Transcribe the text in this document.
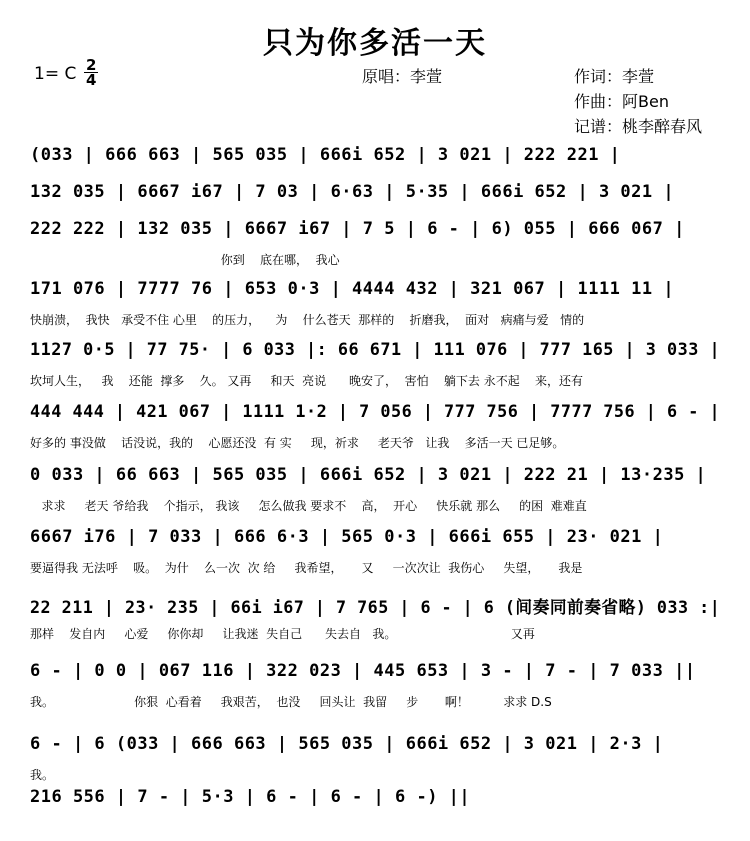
只为你多活一天
1= C 2
4	原唱：李萱	作词：李萱
作曲：阿Ben
记谱：桃李醉春风
(033 | 666 663 | 565 035 | 666i 652 | 3 021 | 222 221 |
132 035 | 6667 i67 | 7 03 | 6·63 | 5·35 | 666i 652 | 3 021 |
222 222 | 132 035 | 6667 i67 | 7 5 | 6 - | 6) 055 | 666 067 |
你到    底在哪，  我心
171 076 | 7777 76 | 653 0·3 | 4444 432 | 321 067 | 1111 11 |
快崩溃，  我快   承受不住 心里    的压力，    为    什么苍天  那样的    折磨我，  面对   病痛与爱   情的
1127 0·5 | 77 75· | 6 033 |: 66 671 | 111 076 | 777 165 | 3 033 |
坎坷人生，   我    还能  撑多    久。 又再     和天  亮说      晚安了，  害怕    躺下去 永不起    来，还有
444 444 | 421 067 | 1111 1·2 | 7 056 | 777 756 | 7777 756 | 6 - |
好多的 事没做    话没说，我的    心愿还没  有 实     现，祈求     老天爷   让我    多活一天 已足够。
0 033 | 66 663 | 565 035 | 666i 652 | 3 021 | 222 21 | 13·235 |
求求     老天 爷给我    个指示， 我该     怎么做我 要求不    高，  开心     快乐就 那么     的困  难难直
6667 i76 | 7 033 | 666 6·3 | 565 0·3 | 666i 655 | 23· 021 |
要逼得我 无法呼    吸。  为什    么一次  次 给     我希望，     又     一次次让  我伤心     失望，     我是
22 211 | 23· 235 | 66i i67 | 7 765 | 6 - | 6 (间奏同前奏省略) 033 :|
那样    发自内     心爱     你你却     让我迷  失自己      失去自   我。                              又再
6 - | 0 0 | 067 116 | 322 023 | 445 653 | 3 - | 7 - | 7 033 ||
我。                     你狠  心看着     我艰苦，  也没     回头让  我留     步       啊！         求求 D.S
6 - | 6 (033 | 666 663 | 565 035 | 666i 652 | 3 021 | 2·3 |
我。
216 556 | 7 - | 5·3 | 6 - | 6 - | 6 -) ||
